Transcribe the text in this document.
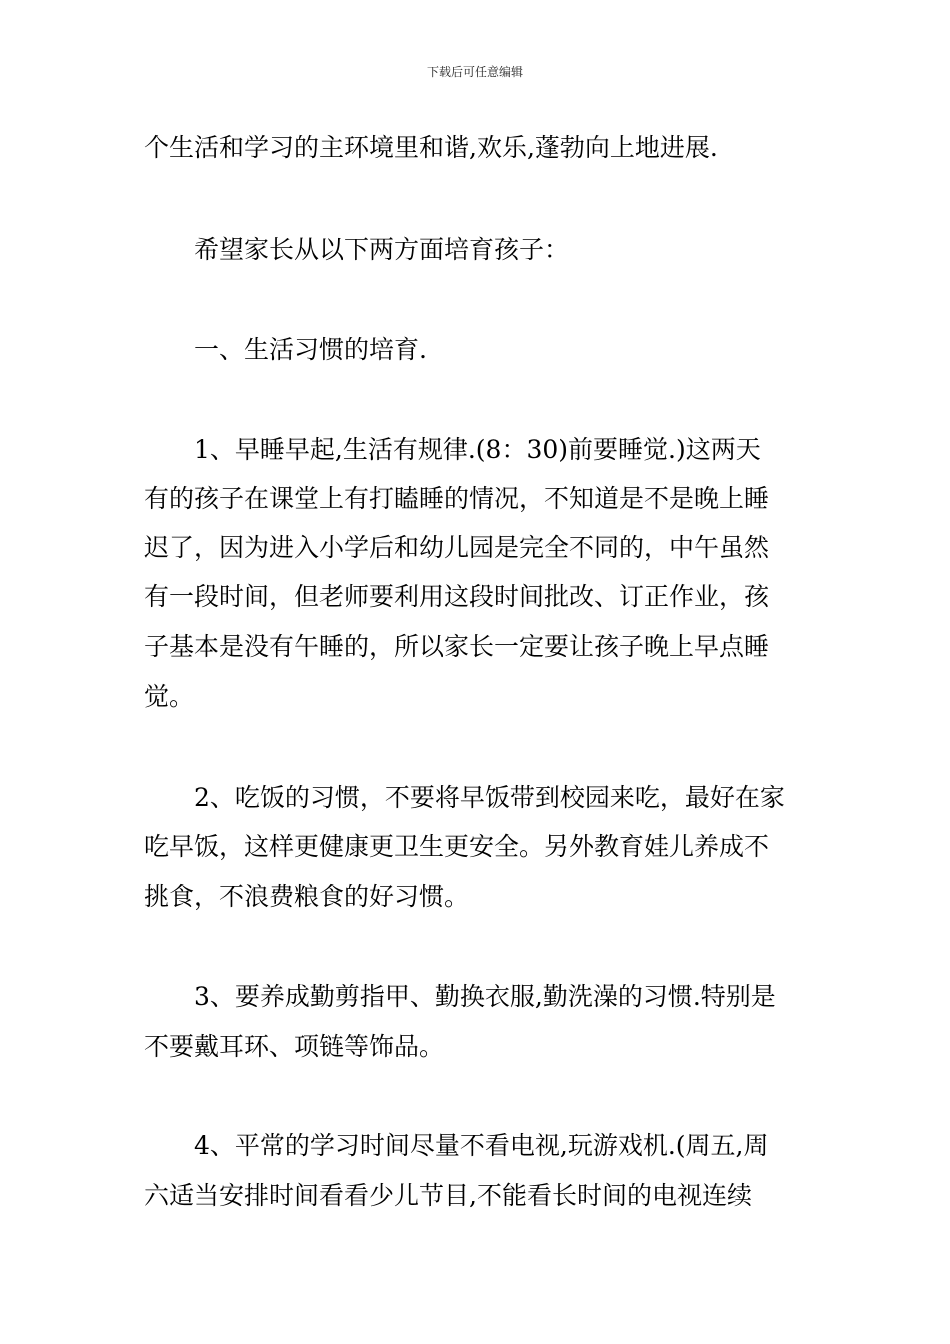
下载后可任意编辑
个生活和学习的主环境里和谐,欢乐,蓬勃向上地进展.
希望家长从以下两方面培育孩子：
一、生活习惯的培育.
1、早睡早起,生活有规律.(8：30)前要睡觉.)这两天
有的孩子在课堂上有打瞌睡的情况，不知道是不是晚上睡
迟了，因为进入小学后和幼儿园是完全不同的，中午虽然
有一段时间，但老师要利用这段时间批改、订正作业，孩
子基本是没有午睡的，所以家长一定要让孩子晚上早点睡
觉。
2、吃饭的习惯，不要将早饭带到校园来吃，最好在家
吃早饭，这样更健康更卫生更安全。另外教育娃儿养成不
挑食，不浪费粮食的好习惯。
3、要养成勤剪指甲、勤换衣服,勤洗澡的习惯.特别是
不要戴耳环、项链等饰品。
4、平常的学习时间尽量不看电视,玩游戏机.(周五,周
六适当安排时间看看少儿节目,不能看长时间的电视连续
